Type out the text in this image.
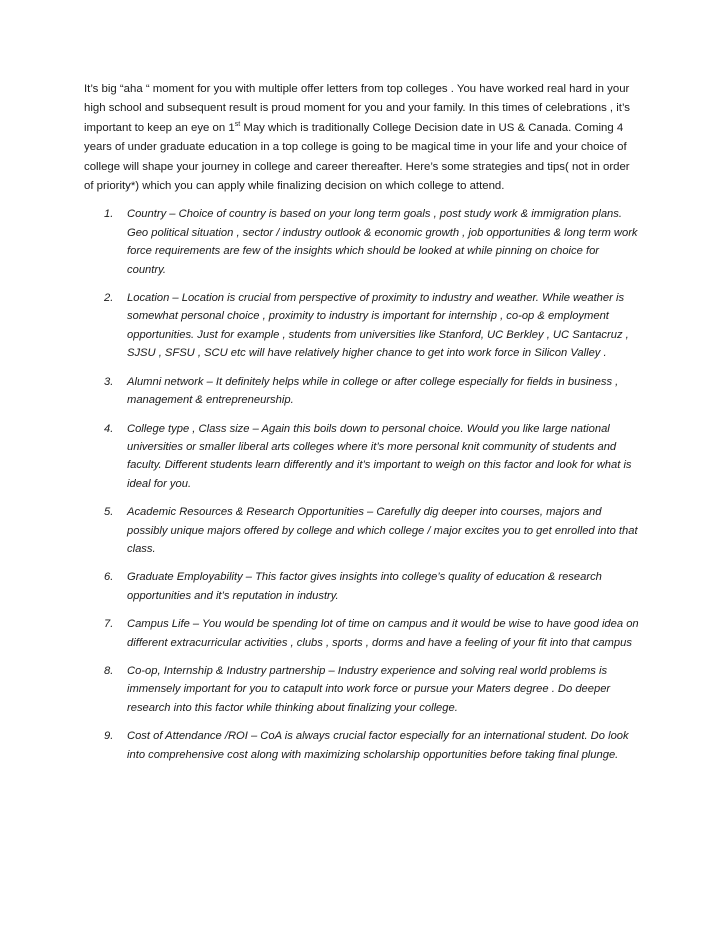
It’s big “aha “ moment for you with multiple offer letters from top colleges . You have worked real hard in your high school and subsequent result is proud moment for you and your family. In this times of celebrations , it’s important to keep an eye on 1st May which is traditionally College Decision date in US & Canada. Coming 4 years of under graduate education in a top college is going to be magical time in your life and your choice of college will shape your journey in college and career thereafter. Here’s some strategies and tips( not in order of priority*) which you can apply while finalizing decision on which college to attend.

1. Country – Choice of country is based on your long term goals , post study work & immigration plans. Geo political situation , sector / industry outlook & economic growth , job opportunities & long term work force requirements are few of the insights which should be looked at while pinning on choice for country.
2. Location – Location is crucial from perspective of proximity to industry and weather. While weather is somewhat personal choice , proximity to industry is important for internship , co-op & employment opportunities. Just for example , students from universities like Stanford, UC Berkley , UC Santacruz , SJSU , SFSU , SCU etc will have relatively higher chance to get into work force in Silicon Valley .
3. Alumni network – It definitely helps while in college or after college especially for fields in business , management & entrepreneurship.
4. College type , Class size – Again this boils down to personal choice. Would you like large national universities or smaller liberal arts colleges where it’s more personal knit community of students and faculty. Different students learn differently and it’s important to weigh on this factor and look for what is ideal for you.
5. Academic Resources & Research Opportunities – Carefully dig deeper into courses, majors and possibly unique majors offered by college and which college / major excites you to get enrolled into that class.
6. Graduate Employability – This factor gives insights into college’s quality of education & research opportunities and it’s reputation in industry.
7. Campus Life – You would be spending lot of time on campus and it would be wise to have good idea on different extracurricular activities , clubs , sports , dorms and have a feeling of your fit into that campus
8. Co-op, Internship & Industry partnership – Industry experience and solving real world problems is immensely important for you to catapult into work force or pursue your Maters degree . Do deeper research into this factor while thinking about finalizing your college.
9. Cost of Attendance /ROI – CoA is always crucial factor especially for an international student. Do look into comprehensive cost along with maximizing scholarship opportunities before taking final plunge.
